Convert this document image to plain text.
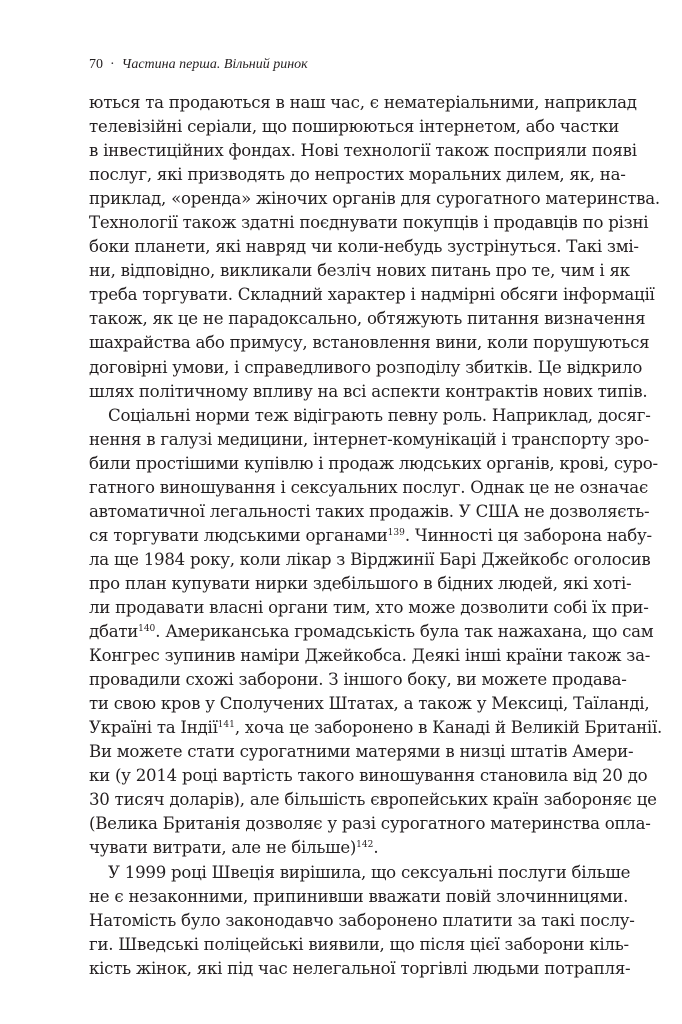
70 · Частина перша. Вільний ринок
ються та продаються в наш час, є нематеріальними, наприклад
телевізійні серіали, що поширюються інтернетом, або частки
в інвестиційних фондах. Нові технології також посприяли появі
послуг, які призводять до непростих моральних дилем, як, на-
приклад, «оренда» жіночих органів для сурогатного материнства.
Технології також здатні поєднувати покупців і продавців по різні
боки планети, які навряд чи коли-небудь зустрінуться. Такі змі-
ни, відповідно, викликали безліч нових питань про те, чим і як
треба торгувати. Складний характер і надмірні обсяги інформації
також, як це не парадоксально, обтяжують питання визначення
шахрайства або примусу, встановлення вини, коли порушуються
договірні умови, і справедливого розподілу збитків. Це відкрило
шлях політичному впливу на всі аспекти контрактів нових типів.
Соціальні норми теж відіграють певну роль. Наприклад, досяг-
нення в галузі медицини, інтернет-комунікацій і транспорту зро-
били простішими купівлю і продаж людських органів, крові, суро-
гатного виношування і сексуальних послуг. Однак це не означає
автоматичної легальності таких продажів. У США не дозволяєть-
ся торгувати людськими органами$^{139}$. Чинності ця заборона набу-
ла ще 1984 року, коли лікар з Вірджинії Барі Джейкобс оголосив
про план купувати нирки здебільшого в бідних людей, які хоті-
ли продавати власні органи тим, хто може дозволити собі їх при-
дбати$^{140}$. Американська громадськість була так нажахана, що сам
Конгрес зупинив наміри Джейкобса. Деякі інші країни також за-
провадили схожі заборони. З іншого боку, ви можете продава-
ти свою кров у Сполучених Штатах, а також у Мексиці, Таїланді,
Україні та Індії$^{141}$, хоча це заборонено в Канаді й Великій Британії.
Ви можете стати сурогатними матерями в низці штатів Амери-
ки (у 2014 році вартість такого виношування становила від 20 до
30 тисяч доларів), але більшість європейських країн забороняє це
(Велика Британія дозволяє у разі сурогатного материнства опла-
чувати витрати, але не більше)$^{142}$.
У 1999 році Швеція вирішила, що сексуальні послуги більше
не є незаконними, припинивши вважати повій злочинницями.
Натомість було законодавчо заборонено платити за такі послу-
ги. Шведські поліцейські виявили, що після цієї заборони кіль-
кість жінок, які під час нелегальної торгівлі людьми потрапля-
